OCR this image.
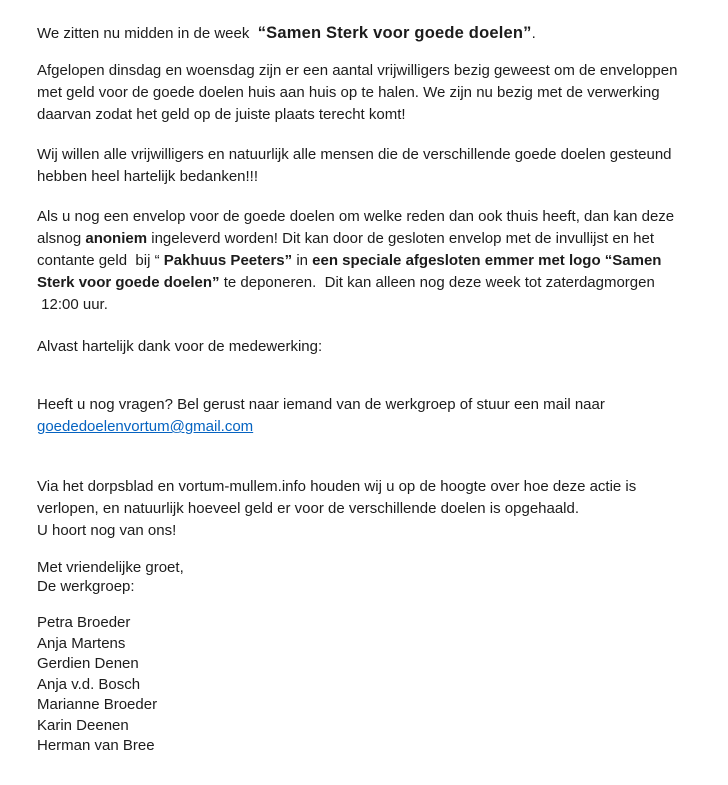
We zitten nu midden in de week  “Samen Sterk voor goede doelen”.

Afgelopen dinsdag en woensdag zijn er een aantal vrijwilligers bezig geweest om de enveloppen met geld voor de goede doelen huis aan huis op te halen. We zijn nu bezig met de verwerking daarvan zodat het geld op de juiste plaats terecht komt!

Wij willen alle vrijwilligers en natuurlijk alle mensen die de verschillende goede doelen gesteund hebben heel hartelijk bedanken!!!

Als u nog een envelop voor de goede doelen om welke reden dan ook thuis heeft, dan kan deze alsnog anoniem ingeleverd worden! Dit kan door de gesloten envelop met de invullijst en het contante geld  bij “ Pakhuus Peeters” in een speciale afgesloten emmer met logo “Samen Sterk voor goede doelen” te deponeren.  Dit kan alleen nog deze week tot zaterdagmorgen  12:00 uur.

Alvast hartelijk dank voor de medewerking:

Heeft u nog vragen? Bel gerust naar iemand van de werkgroep of stuur een mail naar goededoelenvortum@gmail.com

Via het dorpsblad en vortum-mullem.info houden wij u op de hoogte over hoe deze actie is verlopen, en natuurlijk hoeveel geld er voor de verschillende doelen is opgehaald.
U hoort nog van ons!
Met vriendelijke groet,
De werkgroep:

Petra Broeder

Anja Martens

Gerdien Denen

Anja v.d. Bosch

Marianne Broeder

Karin Deenen

Herman van Bree
